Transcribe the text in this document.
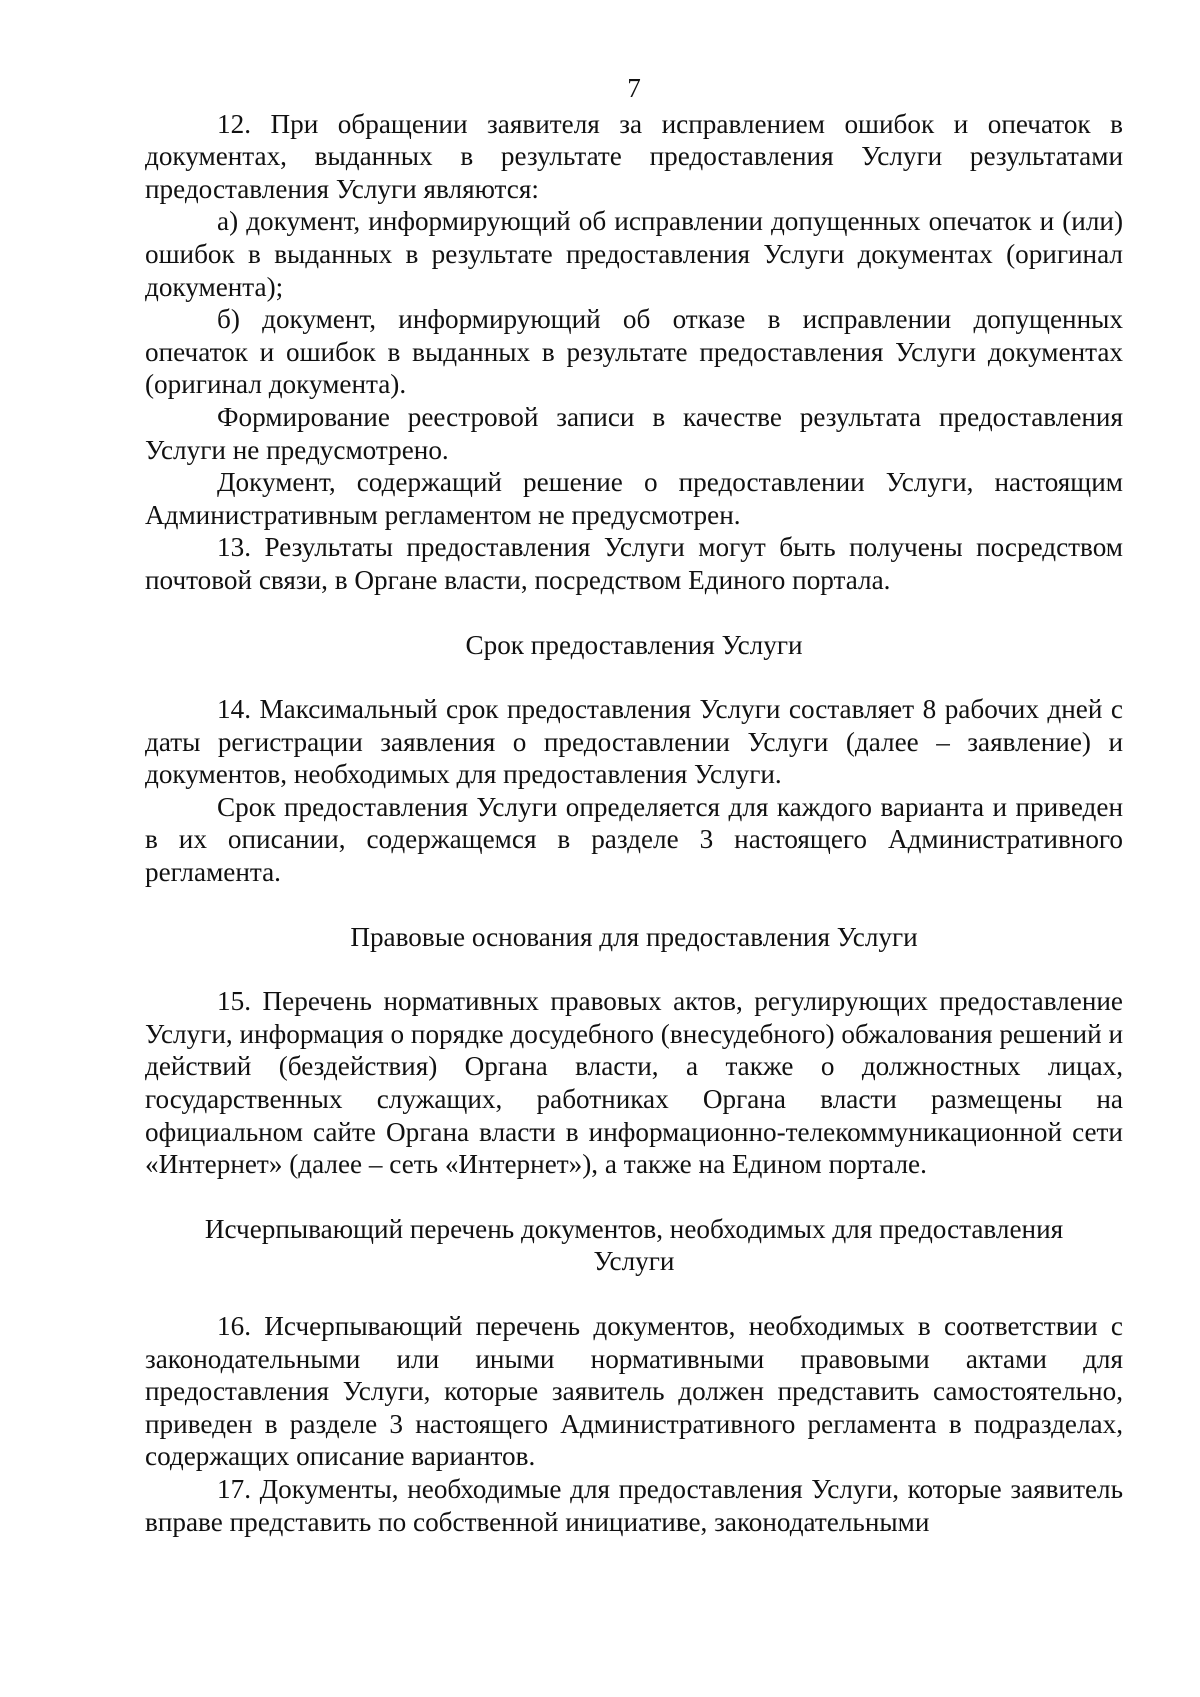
7

12. При обращении заявителя за исправлением ошибок и опечаток в документах, выданных в результате предоставления Услуги результатами предоставления Услуги являются:

а) документ, информирующий об исправлении допущенных опечаток и (или) ошибок в выданных в результате предоставления Услуги документах (оригинал документа);

б) документ, информирующий об отказе в исправлении допущенных опечаток и ошибок в выданных в результате предоставления Услуги документах (оригинал документа).

Формирование реестровой записи в качестве результата предоставления Услуги не предусмотрено.

Документ, содержащий решение о предоставлении Услуги, настоящим Административным регламентом не предусмотрен.

13. Результаты предоставления Услуги могут быть получены посредством почтовой связи, в Органе власти, посредством Единого портала.

Срок предоставления Услуги

14. Максимальный срок предоставления Услуги составляет 8 рабочих дней с даты регистрации заявления о предоставлении Услуги (далее – заявление) и документов, необходимых для предоставления Услуги.

Срок предоставления Услуги определяется для каждого варианта и приведен в их описании, содержащемся в разделе 3 настоящего Административного регламента.

Правовые основания для предоставления Услуги

15. Перечень нормативных правовых актов, регулирующих предоставление Услуги, информация о порядке досудебного (внесудебного) обжалования решений и действий (бездействия) Органа власти, а также о должностных лицах, государственных служащих, работниках Органа власти размещены на официальном сайте Органа власти в информационно-телекоммуникационной сети «Интернет» (далее – сеть «Интернет»), а также на Едином портале.

Исчерпывающий перечень документов, необходимых для предоставления Услуги

16. Исчерпывающий перечень документов, необходимых в соответствии с законодательными или иными нормативными правовыми актами для предоставления Услуги, которые заявитель должен представить самостоятельно, приведен в разделе 3 настоящего Административного регламента в подразделах, содержащих описание вариантов.

17. Документы, необходимые для предоставления Услуги, которые заявитель вправе представить по собственной инициативе, законодательными
